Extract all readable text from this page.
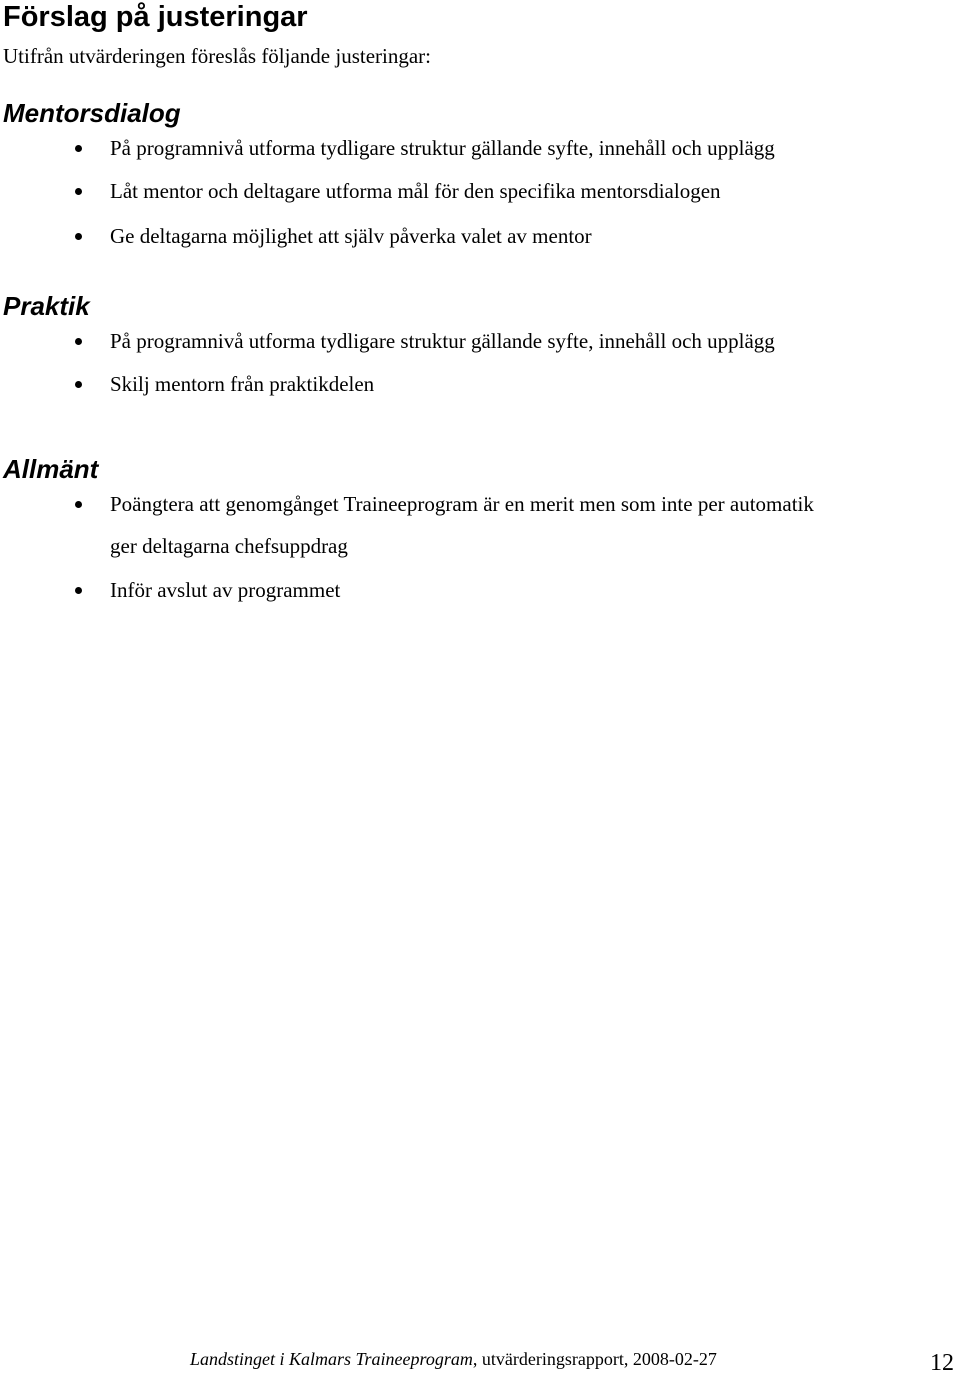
Förslag på justeringar
Utifrån utvärderingen föreslås följande justeringar:
Mentorsdialog
På programnivå utforma tydligare struktur gällande syfte, innehåll och upplägg
Låt mentor och deltagare utforma mål för den specifika mentorsdialogen
Ge deltagarna möjlighet att själv påverka valet av mentor
Praktik
På programnivå utforma tydligare struktur gällande syfte, innehåll och upplägg
Skilj mentorn från praktikdelen
Allmänt
Poängtera att genomgånget Traineeprogram är en merit men som inte per automatik
ger deltagarna chefsuppdrag
Inför avslut av programmet
Landstinget i Kalmars Traineeprogram, utvärderingsrapport, 2008-02-27	12
